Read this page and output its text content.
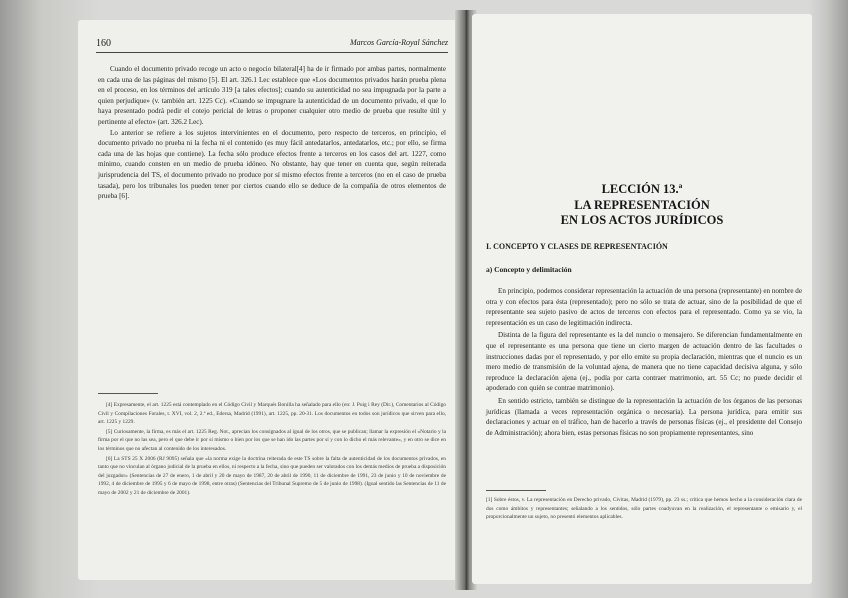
160	Marcos García-Royal Sánchez

Cuando el documento privado recoge un acto o negocio bilateral[4] ha de ir firmado por ambas partes, normalmente en cada una de las páginas del mismo [5]. El art. 326.1 Lec establece que «Los documentos privados harán prueba plena en el proceso, en los términos del artículo 319 [a tales efectos]; cuando su autenticidad no sea impugnada por la parte a quien perjudique» (v. también art. 1225 Cc). «Cuando se impugnare la autenticidad de un documento privado, el que lo haya presentado podrá pedir el cotejo pericial de letras o proponer cualquier otro medio de prueba que resulte útil y pertinente al efecto» (art. 326.2 Lec).

Lo anterior se refiere a los sujetos intervinientes en el documento, pero respecto de terceros, en principio, el documento privado no prueba ni la fecha ni el contenido (es muy fácil antedatarlos, antedatarlos, etc.; por ello, se firma cada una de las hojas que contiene). La fecha sólo produce efectos frente a terceros en los casos del art. 1227, como mínimo, cuando consten en un medio de prueba idóneo. No obstante, hay que tener en cuenta que, según reiterada jurisprudencia del TS, el documento privado no produce por sí mismo efectos frente a terceros (no en el caso de prueba tasada), pero los tribunales los pueden tener por ciertos cuando ello se deduce de la compañía de otros elementos de prueba [6].

[4] Expresamente, el art. 1225 está contemplado en el Código Civil y Marqués Bonilla ha señalado para ello (en: J. Puig i Rey (Dir.), Comentarios al Código Civil y Compilaciones Forales, t. XVI, vol. 2, 2.ª ed., Edersa, Madrid (1991), art. 1225, pp. 20-31. Los documentos en todos son jurídicos que sirven para ello, art. 1225 y 1229.

[5] Curiosamente, la firma, es más el art. 1225 Reg. Not., aprecian los consignados al igual de los otros, que se publican; llamar la expresión el «Notario y la firma por el que no las sea, pero el que debe ir por sí mismo o bien por los que se han ido las partes por sí y con lo dicho el más relevante», y en otro se dice en los términos que no afectan al contenido de los interesados.

[6] La STS 25 X 2006 (RJ 9095) señala que «la norma exige la doctrina reiterada de este TS sobre la falta de autenticidad de los documentos privados, en tanto que no vinculan al órgano judicial de la prueba en ellos, ni respecto a la fecha, sino que pueden ser valorados con los demás medios de prueba a disposición del juzgador» (Sentencias de 27 de enero, 1 de abril y 20 de mayo de 1987, 20 de abril de 1990, 11 de diciembre de 1991, 23 de junio y 10 de noviembre de 1992, 4 de diciembre de 1995 y 6 de mayo de 1998, entre otras) (Sentencias del Tribunal Supremo de 5 de junio de 1998). (Igual sentido las Sentencias de 11 de mayo de 2002 y 21 de diciembre de 2001).

LECCIÓN 13.ª
LA REPRESENTACIÓN
EN LOS ACTOS JURÍDICOS
I. CONCEPTO Y CLASES DE REPRESENTACIÓN
a) Concepto y delimitación

En principio, podemos considerar representación la actuación de una persona (representante) en nombre de otra y con efectos para ésta (representado); pero no sólo se trata de actuar, sino de la posibilidad de que el representante sea sujeto pasivo de actos de terceros con efectos para el representado. Como ya se vio, la representación es un caso de legitimación indirecta.

Distinta de la figura del representante es la del nuncio o mensajero. Se diferencian fundamentalmente en que el representante es una persona que tiene un cierto margen de actuación dentro de las facultades o instrucciones dadas por el representado, y por ello emite su propia declaración, mientras que el nuncio es un mero medio de transmisión de la voluntad ajena, de manera que no tiene capacidad decisiva alguna, y sólo reproduce la declaración ajena (ej., podía por carta contraer matrimonio, art. 55 Cc; no puede decidir el apoderado con quién se contrae matrimonio).

En sentido estricto, también se distingue de la representación la actuación de los órganos de las personas jurídicas (llamada a veces representación orgánica o necesaria). La persona jurídica, para emitir sus declaraciones y actuar en el tráfico, han de hacerlo a través de personas físicas (ej., el presidente del Consejo de Administración); ahora bien, estas personas físicas no son propiamente representantes, sino

[1] Sobre éstos, v. La representación en Derecho privado, Civitas, Madrid (1979), pp. 23 ss.; crítica que hemos hecho a la consideración clara de dos como ámbitos y representantes; señalando a los sentidos, sólo partes coadyuvan en la realización, el representante o emisario y, el proporcionalmente un sujeto, no presentó elementos aplicables.
